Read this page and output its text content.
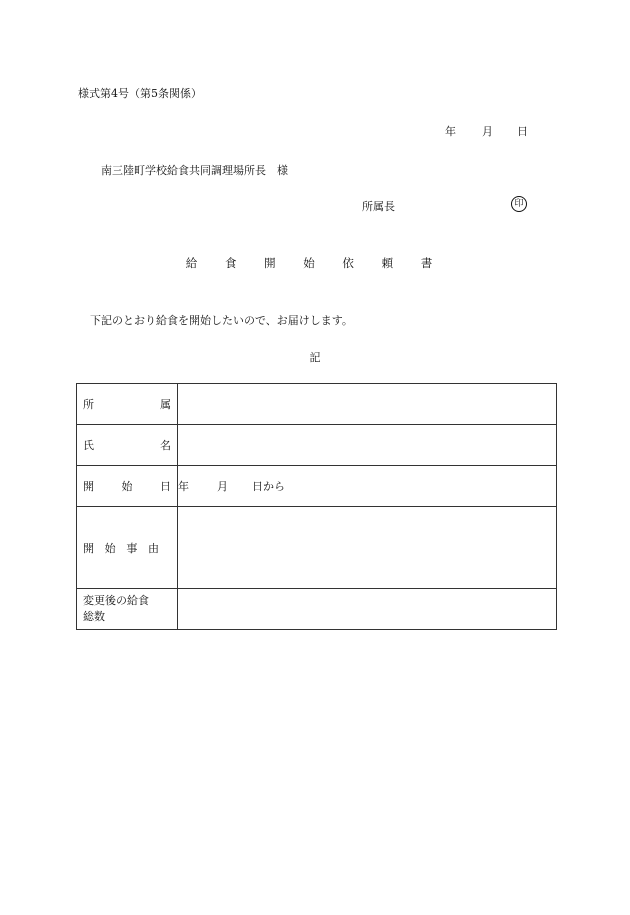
様式第4号（第5条関係）
年 月 日
南三陸町学校給食共同調理場所長　様
所属長	印
給 食 開 始 依 頼 書
下記のとおり給食を開始したいので、お届けします。
記
所 属	

氏 名	

開 始 日	年 月 日から

開 始 事 由	

変更後の給食
総数	
